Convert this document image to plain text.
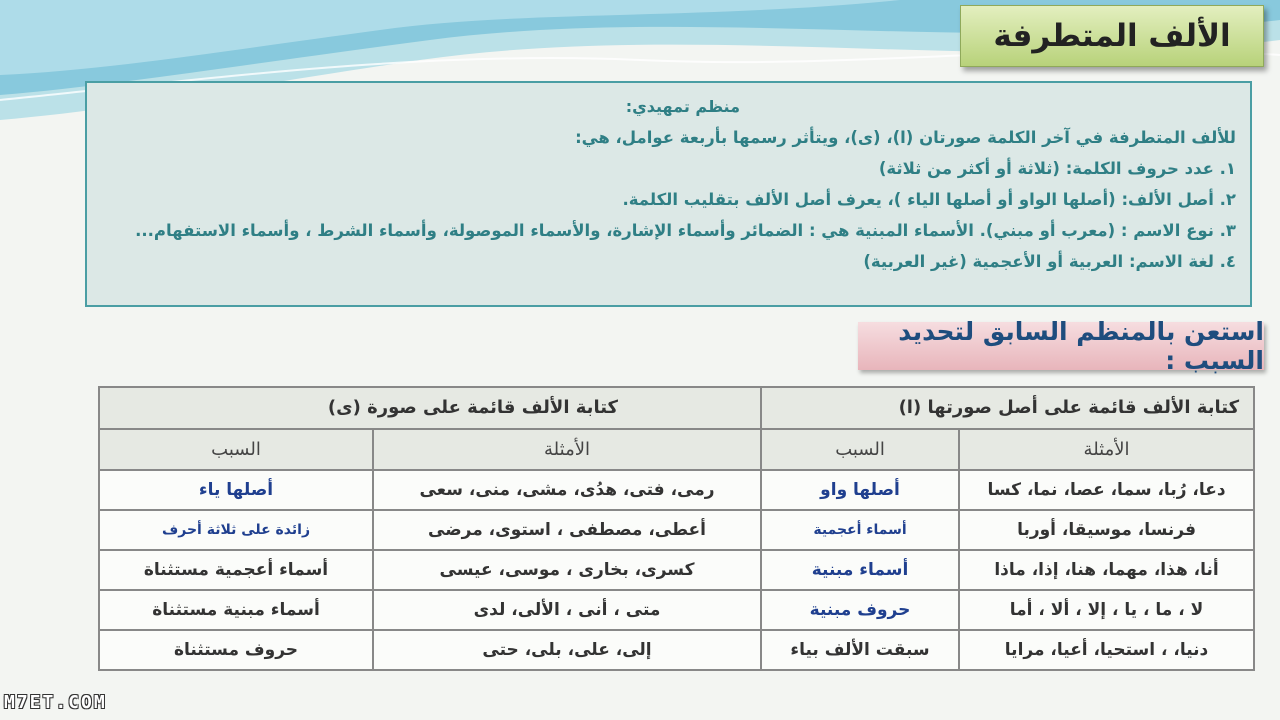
الألف المتطرفة
منظم تمهيدي:
للألف المتطرفة في آخر الكلمة صورتان (ا)، (ى)، ويتأثر رسمها بأربعة عوامل، هي:
١. عدد حروف الكلمة: (ثلاثة أو أكثر من ثلاثة)
٢. أصل الألف: (أصلها الواو أو أصلها الياء )، يعرف أصل الألف بتقليب الكلمة.
٣. نوع الاسم : (معرب أو مبني). الأسماء المبنية هي : الضمائر وأسماء الإشارة، والأسماء الموصولة، وأسماء الشرط ، وأسماء الاستفهام...
٤. لغة الاسم: العربية أو الأعجمية (غير العربية)
استعن بالمنظم السابق لتحديد السبب :
كتابة الألف قائمة على أصل صورتها (ا)		كتابة الألف قائمة على صورة (ى)	
الأمثلة	السبب	الأمثلة	السبب
دعا، رُبا، سما، عصا، نما، كسا	أصلها واو	رمى، فتى، هدُى، مشى، منى، سعى	أصلها ياء
فرنسا، موسيقا، أوربا	أسماء أعجمية	أعطى، مصطفى ، استوى، مرضى	زائدة على ثلاثة أحرف
أنا، هذا، مهما، هنا، إذا، ماذا	أسماء مبنية	كسرى، بخارى ، موسى، عيسى	أسماء أعجمية مستثناة
لا ، ما ، يا ، إلا ، ألا ، أما	حروف مبنية	متى ، أنى ، الألى، لدى	أسماء مبنية مستثناة
دنيا، ، استحيا، أعيا، مرايا	سبقت الألف بياء	إلى، على، بلى، حتى	حروف مستثناة
M7ET.COM
